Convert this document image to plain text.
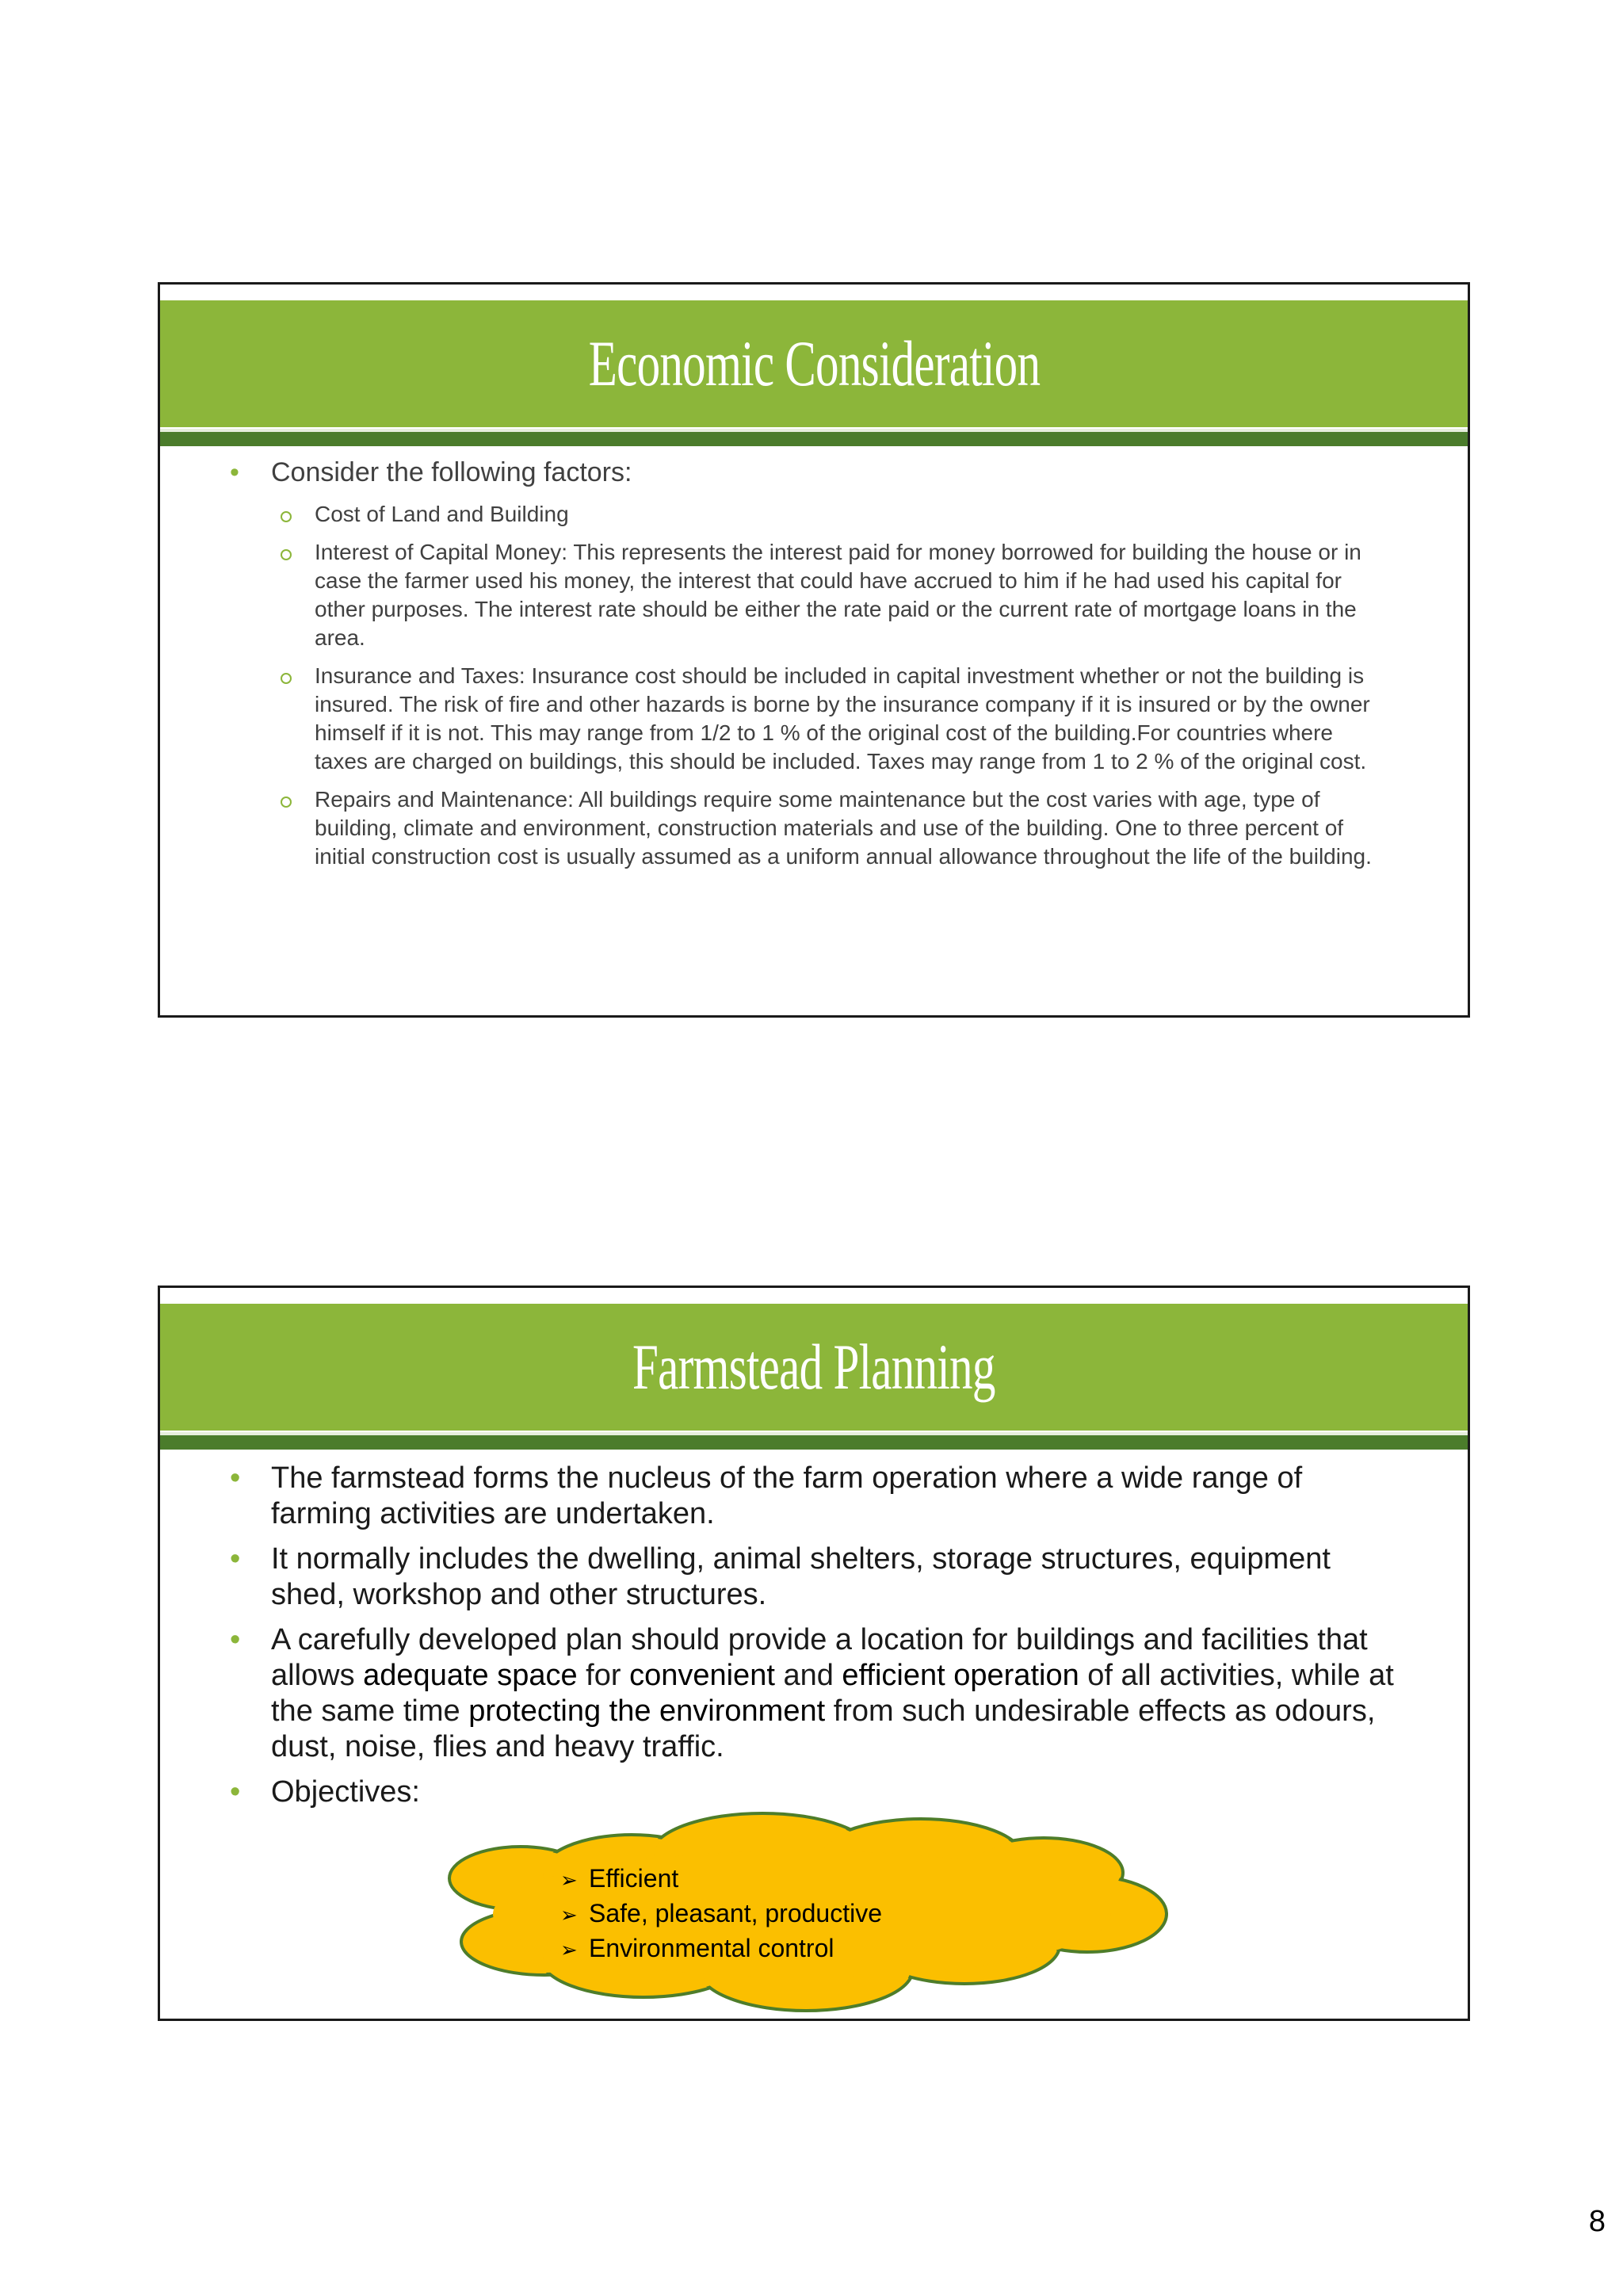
Economic Consideration
• Consider the following factors:
Cost of Land and Building
Interest of Capital Money: This represents the interest paid for money borrowed for building the house or in case the farmer used his money, the interest that could have accrued to him if he had used his capital for other purposes. The interest rate should be either the rate paid or the current rate of mortgage loans in the area.
Insurance and Taxes: Insurance cost should be included in capital investment whether or not the building is insured. The risk of fire and other hazards is borne by the insurance company if it is insured or by the owner himself if it is not. This may range from 1/2 to 1 % of the original cost of the building.For countries where taxes are charged on buildings, this should be included. Taxes may range from 1 to 2 % of the original cost.
Repairs and Maintenance: All buildings require some maintenance but the cost varies with age, type of building, climate and environment, construction materials and use of the building. One to three percent of initial construction cost is usually assumed as a uniform annual allowance throughout the life of the building.
Farmstead Planning
• The farmstead forms the nucleus of the farm operation where a wide range of farming activities are undertaken.
• It normally includes the dwelling, animal shelters, storage structures, equipment shed, workshop and other structures.
• A carefully developed plan should provide a location for buildings and facilities that allows adequate space for convenient and efficient operation of all activities, while at the same time protecting the environment from such undesirable effects as odours, dust, noise, flies and heavy traffic.
• Objectives:
➢ Efficient
➢ Safe, pleasant, productive
➢ Environmental control
8
